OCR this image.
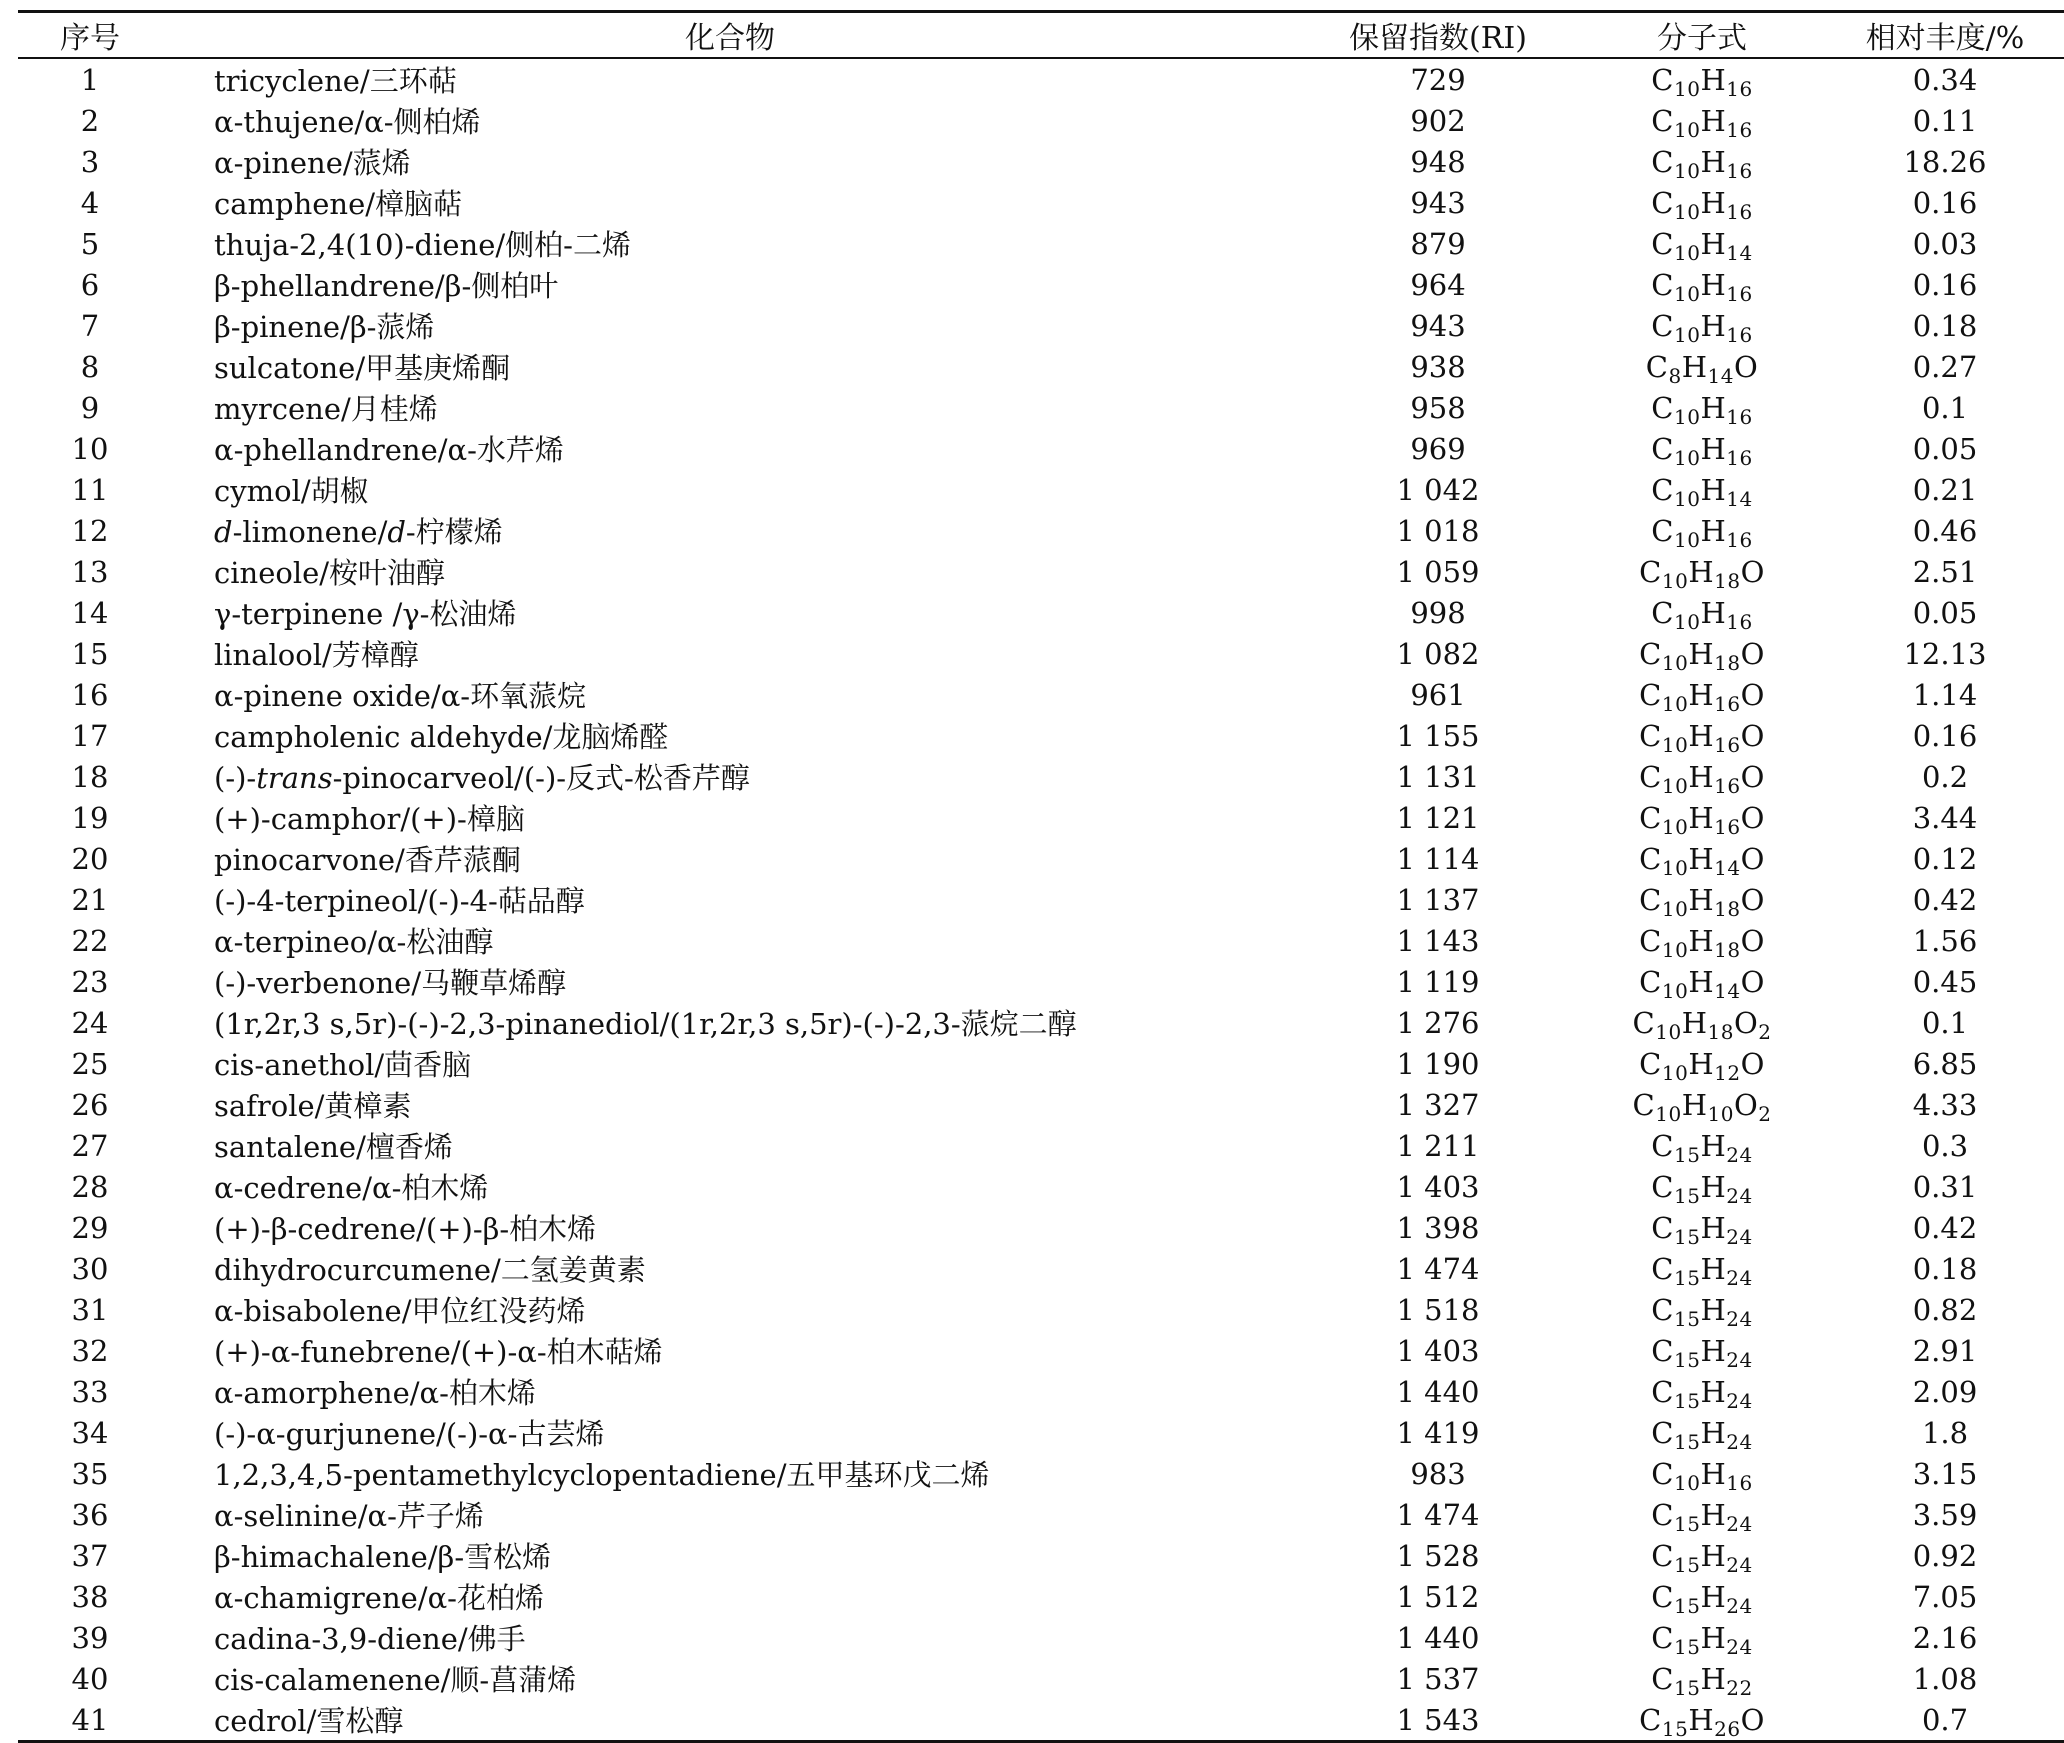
序号	化合物	保留指数(RI)	分子式	相对丰度/%
1	tricyclene/三环萜	729	$C_{10}H_{16}$	0.34
2	α-thujene/α-侧柏烯	902	$C_{10}H_{16}$	0.11
3	α-pinene/蒎烯	948	$C_{10}H_{16}$	18.26
4	camphene/樟脑萜	943	$C_{10}H_{16}$	0.16
5	thuja-2,4(10)-diene/侧柏-二烯	879	$C_{10}H_{14}$	0.03
6	β-phellandrene/β-侧柏叶	964	$C_{10}H_{16}$	0.16
7	β-pinene/β-蒎烯	943	$C_{10}H_{16}$	0.18
8	sulcatone/甲基庚烯酮	938	$C_8H_{14}O$	0.27
9	myrcene/月桂烯	958	$C_{10}H_{16}$	0.1
10	α-phellandrene/α-水芹烯	969	$C_{10}H_{16}$	0.05
11	cymol/胡椒	1 042	$C_{10}H_{14}$	0.21
12	d-limonene/d-柠檬烯	1 018	$C_{10}H_{16}$	0.46
13	cineole/桉叶油醇	1 059	$C_{10}H_{18}O$	2.51
14	γ-terpinene /γ-松油烯	998	$C_{10}H_{16}$	0.05
15	linalool/芳樟醇	1 082	$C_{10}H_{18}O$	12.13
16	α-pinene oxide/α-环氧蒎烷	961	$C_{10}H_{16}O$	1.14
17	campholenic aldehyde/龙脑烯醛	1 155	$C_{10}H_{16}O$	0.16
18	(-)-trans-pinocarveol/(-)-反式-松香芹醇	1 131	$C_{10}H_{16}O$	0.2
19	(+)-camphor/(+)-樟脑	1 121	$C_{10}H_{16}O$	3.44
20	pinocarvone/香芹蒎酮	1 114	$C_{10}H_{14}O$	0.12
21	(-)-4-terpineol/(-)-4-萜品醇	1 137	$C_{10}H_{18}O$	0.42
22	α-terpineo/α-松油醇	1 143	$C_{10}H_{18}O$	1.56
23	(-)-verbenone/马鞭草烯醇	1 119	$C_{10}H_{14}O$	0.45
24	(1r,2r,3 s,5r)-(-)-2,3-pinanediol/(1r,2r,3 s,5r)-(-)-2,3-蒎烷二醇	1 276	$C_{10}H_{18}O_2$	0.1
25	cis-anethol/茴香脑	1 190	$C_{10}H_{12}O$	6.85
26	safrole/黄樟素	1 327	$C_{10}H_{10}O_2$	4.33
27	santalene/檀香烯	1 211	$C_{15}H_{24}$	0.3
28	α-cedrene/α-柏木烯	1 403	$C_{15}H_{24}$	0.31
29	(+)-β-cedrene/(+)-β-柏木烯	1 398	$C_{15}H_{24}$	0.42
30	dihydrocurcumene/二氢姜黄素	1 474	$C_{15}H_{24}$	0.18
31	α-bisabolene/甲位红没药烯	1 518	$C_{15}H_{24}$	0.82
32	(+)-α-funebrene/(+)-α-柏木萜烯	1 403	$C_{15}H_{24}$	2.91
33	α-amorphene/α-柏木烯	1 440	$C_{15}H_{24}$	2.09
34	(-)-α-gurjunene/(-)-α-古芸烯	1 419	$C_{15}H_{24}$	1.8
35	1,2,3,4,5-pentamethylcyclopentadiene/五甲基环戊二烯	983	$C_{10}H_{16}$	3.15
36	α-selinine/α-芹子烯	1 474	$C_{15}H_{24}$	3.59
37	β-himachalene/β-雪松烯	1 528	$C_{15}H_{24}$	0.92
38	α-chamigrene/α-花柏烯	1 512	$C_{15}H_{24}$	7.05
39	cadina-3,9-diene/佛手	1 440	$C_{15}H_{24}$	2.16
40	cis-calamenene/顺-菖蒲烯	1 537	$C_{15}H_{22}$	1.08
41	cedrol/雪松醇	1 543	$C_{15}H_{26}O$	0.7
